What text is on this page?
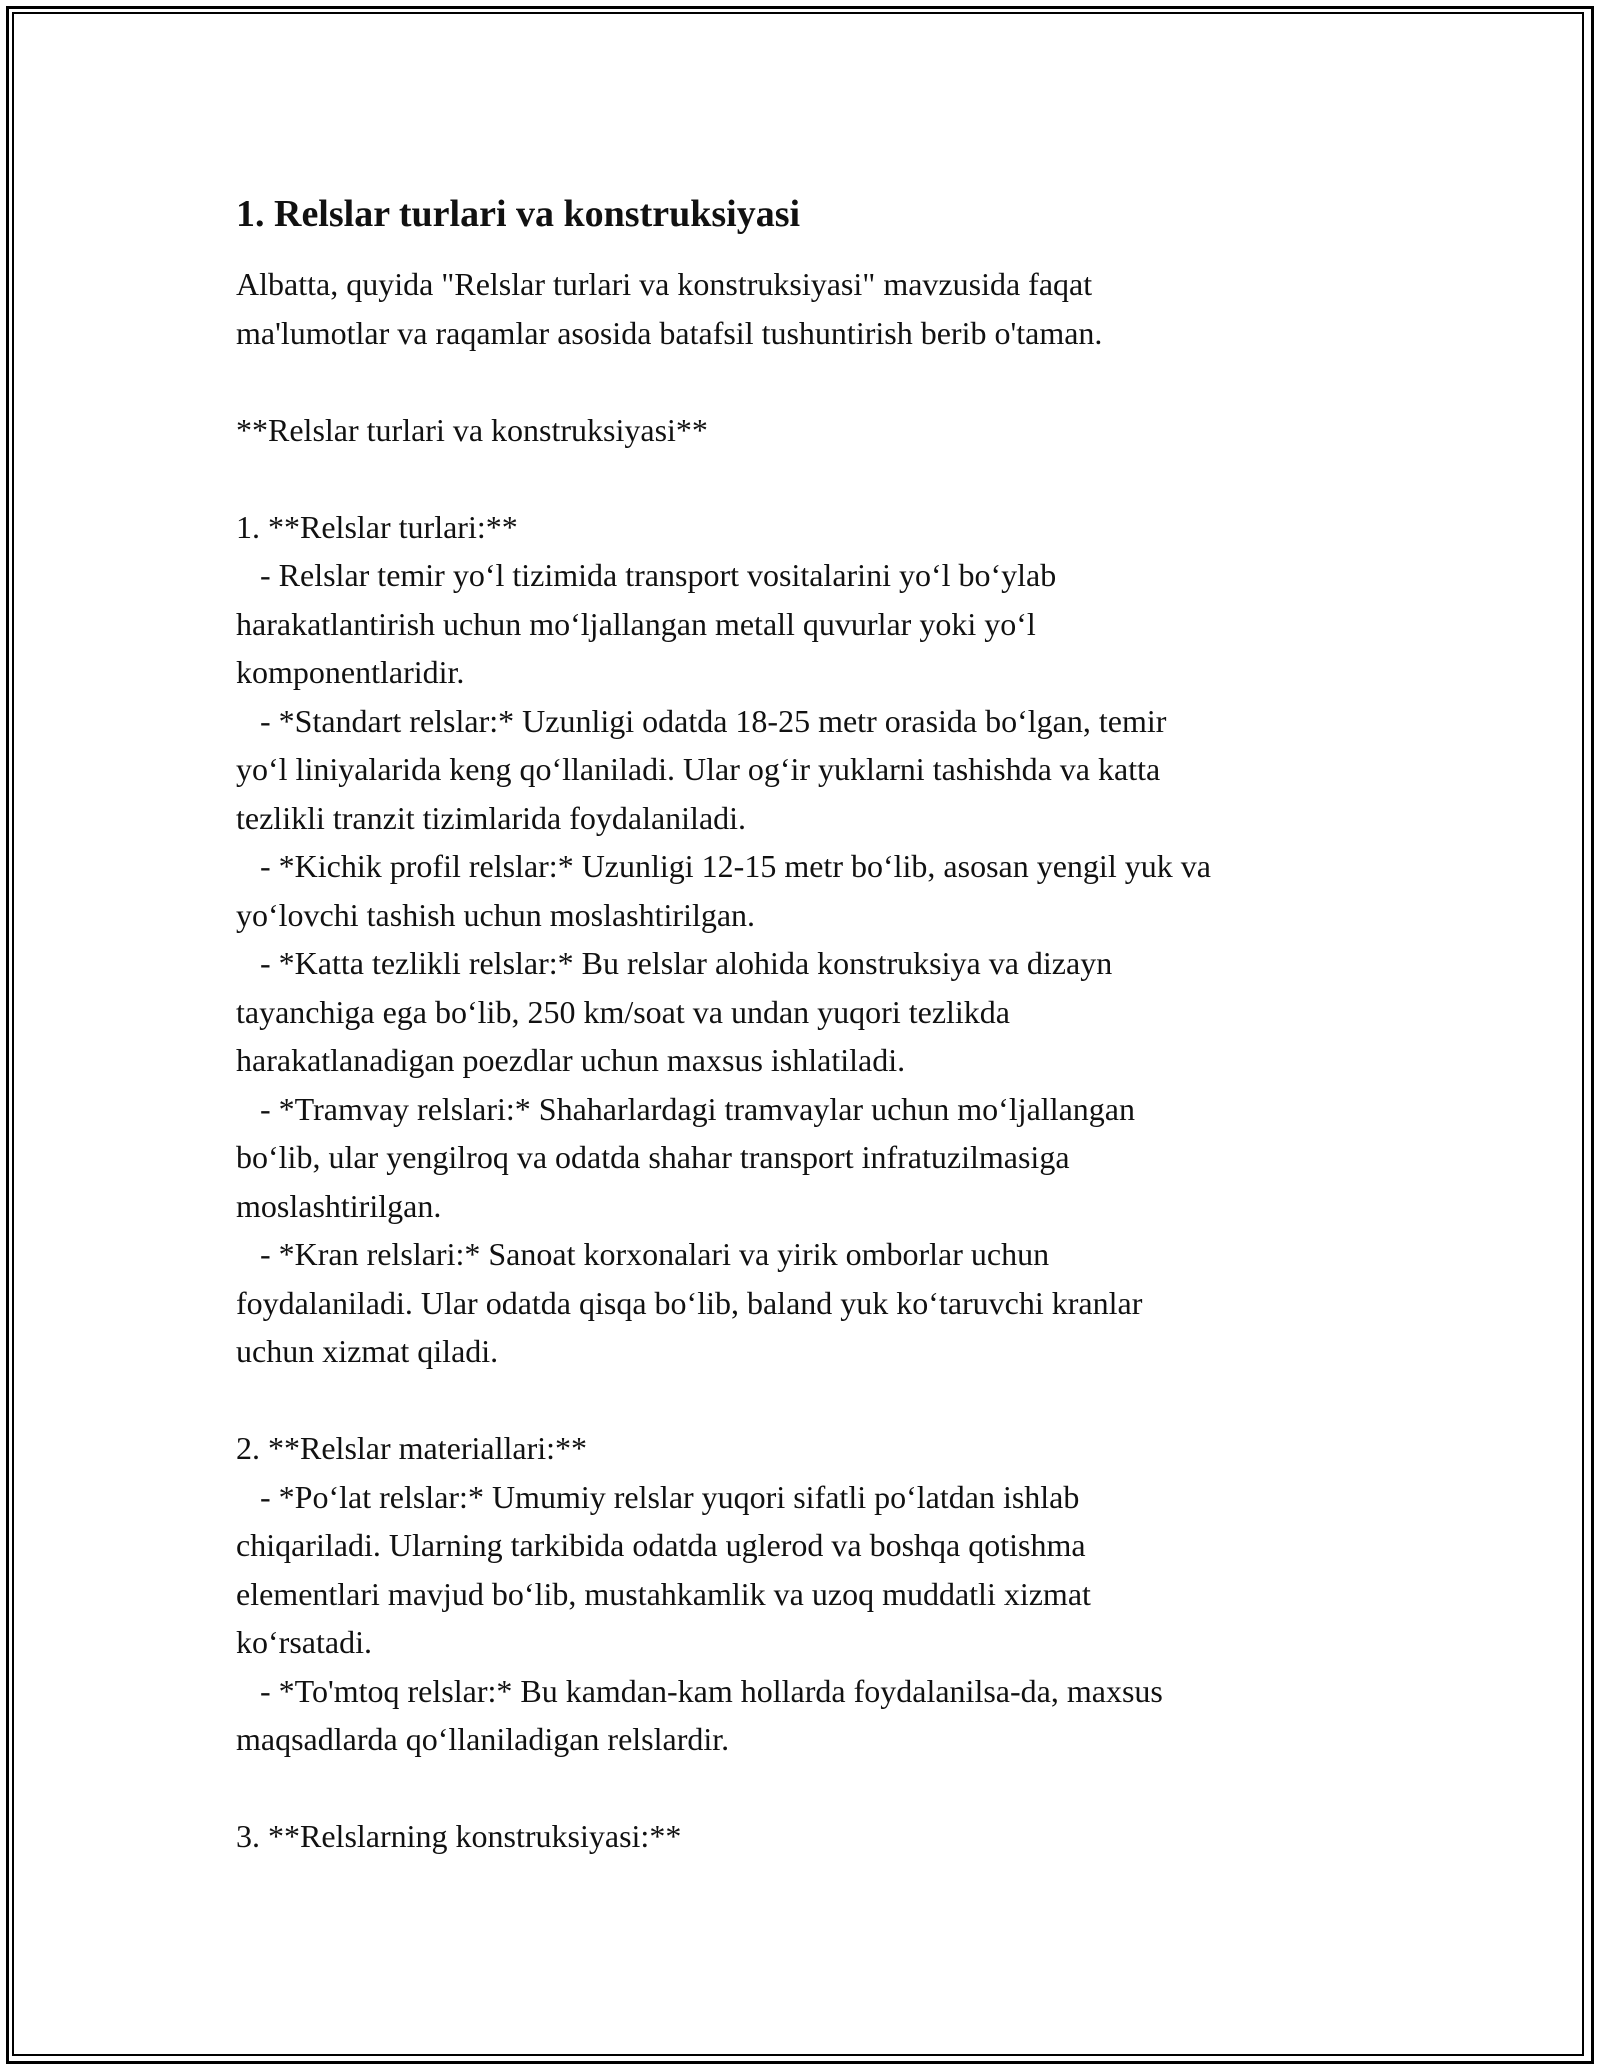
1. Relslar turlari va konstruksiyasi

Albatta, quyida "Relslar turlari va konstruksiyasi" mavzusida faqat
ma'lumotlar va raqamlar asosida batafsil tushuntirish berib o'taman.

**Relslar turlari va konstruksiyasi**

1. **Relslar turlari:**

- Relslar temir yo‘l tizimida transport vositalarini yo‘l bo‘ylab
harakatlantirish uchun mo‘ljallangan metall quvurlar yoki yo‘l
komponentlaridir.

- *Standart relslar:* Uzunligi odatda 18-25 metr orasida bo‘lgan, temir
yo‘l liniyalarida keng qo‘llaniladi. Ular og‘ir yuklarni tashishda va katta
tezlikli tranzit tizimlarida foydalaniladi.

- *Kichik profil relslar:* Uzunligi 12-15 metr bo‘lib, asosan yengil yuk va
yo‘lovchi tashish uchun moslashtirilgan.

- *Katta tezlikli relslar:* Bu relslar alohida konstruksiya va dizayn
tayanchiga ega bo‘lib, 250 km/soat va undan yuqori tezlikda
harakatlanadigan poezdlar uchun maxsus ishlatiladi.

- *Tramvay relslari:* Shaharlardagi tramvaylar uchun mo‘ljallangan
bo‘lib, ular yengilroq va odatda shahar transport infratuzilmasiga
moslashtirilgan.

- *Kran relslari:* Sanoat korxonalari va yirik omborlar uchun
foydalaniladi. Ular odatda qisqa bo‘lib, baland yuk ko‘taruvchi kranlar
uchun xizmat qiladi.

2. **Relslar materiallari:**

- *Po‘lat relslar:* Umumiy relslar yuqori sifatli po‘latdan ishlab
chiqariladi. Ularning tarkibida odatda uglerod va boshqa qotishma
elementlari mavjud bo‘lib, mustahkamlik va uzoq muddatli xizmat
ko‘rsatadi.

- *To'mtoq relslar:* Bu kamdan-kam hollarda foydalanilsa-da, maxsus
maqsadlarda qo‘llaniladigan relslardir.

3. **Relslarning konstruksiyasi:**
